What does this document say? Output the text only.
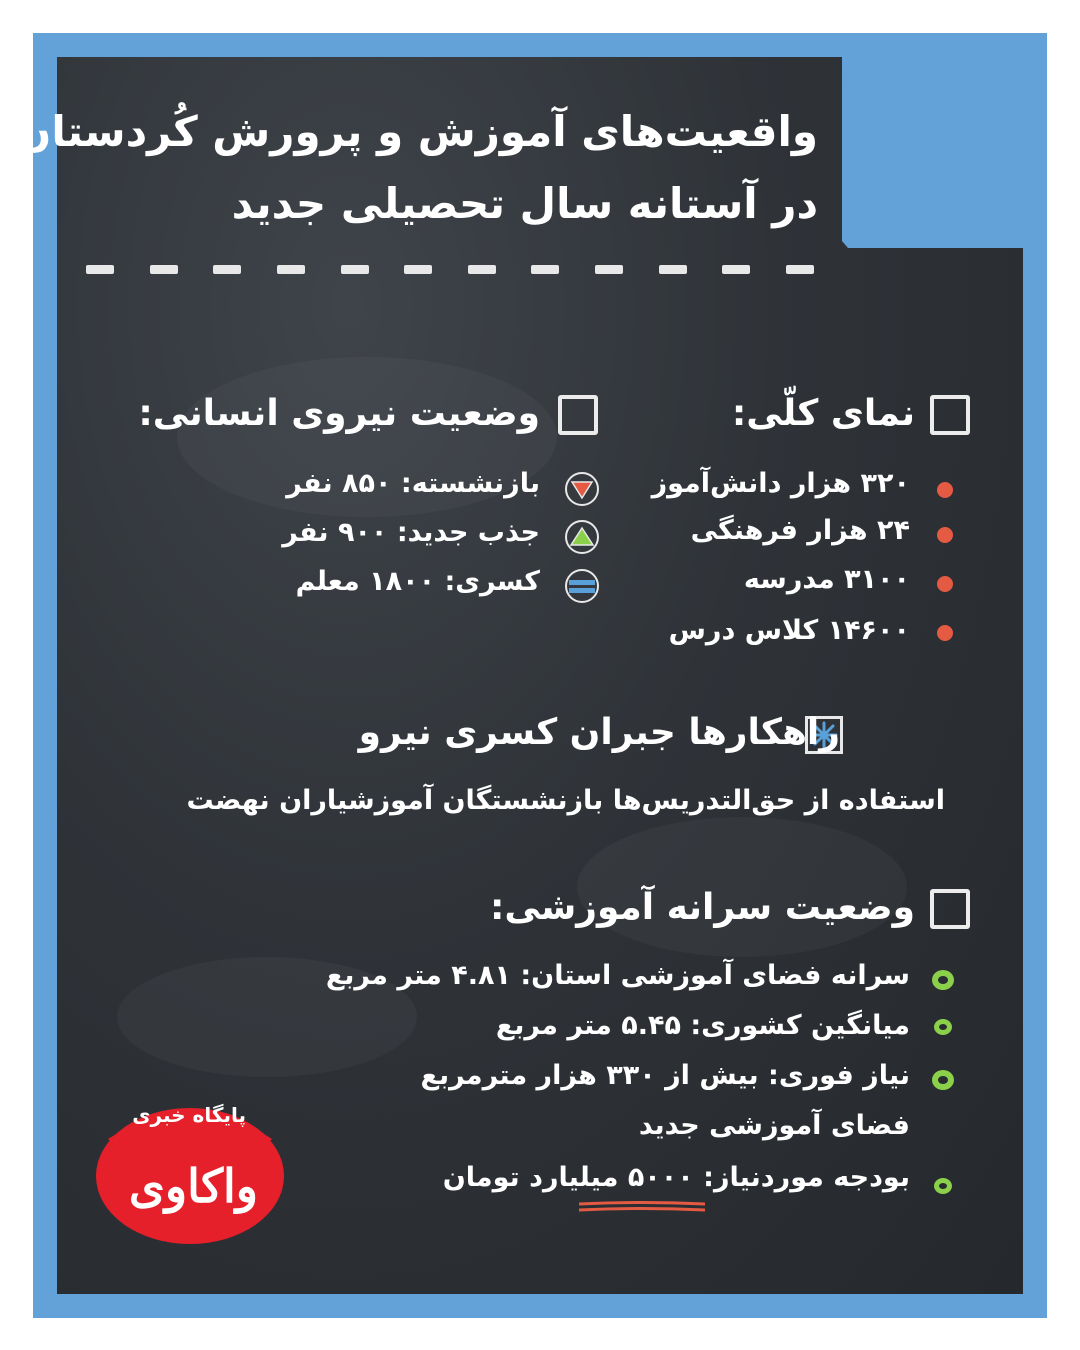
واقعیت‌های آموزش و پرورش کُردستان
در آستانه سال تحصیلی جدید
نمای کلّی:
۳۲۰ هزار دانش‌آموز
۲۴ هزار فرهنگی
۳۱۰۰ مدرسه
۱۴۶۰۰ کلاس درس
وضعیت نیروی انسانی:
بازنشسته: ۸۵۰ نفر
جذب جدید: ۹۰۰ نفر
کسری: ۱۸۰۰ معلم
راهکارها جبران کسری نیرو
استفاده از حق‌التدریس‌ها بازنشستگان آموزشیاران نهضت
وضعیت سرانه آموزشی:
سرانه فضای آموزشی استان: ۴.۸۱ متر مربع
میانگین کشوری: ۵.۴۵ متر مربع
نیاز فوری: بیش از ۳۳۰ هزار مترمربع
فضای آموزشی جدید
بودجه موردنیاز: ۵۰۰۰ میلیارد تومان
پایگاه خبری
واکاوی
